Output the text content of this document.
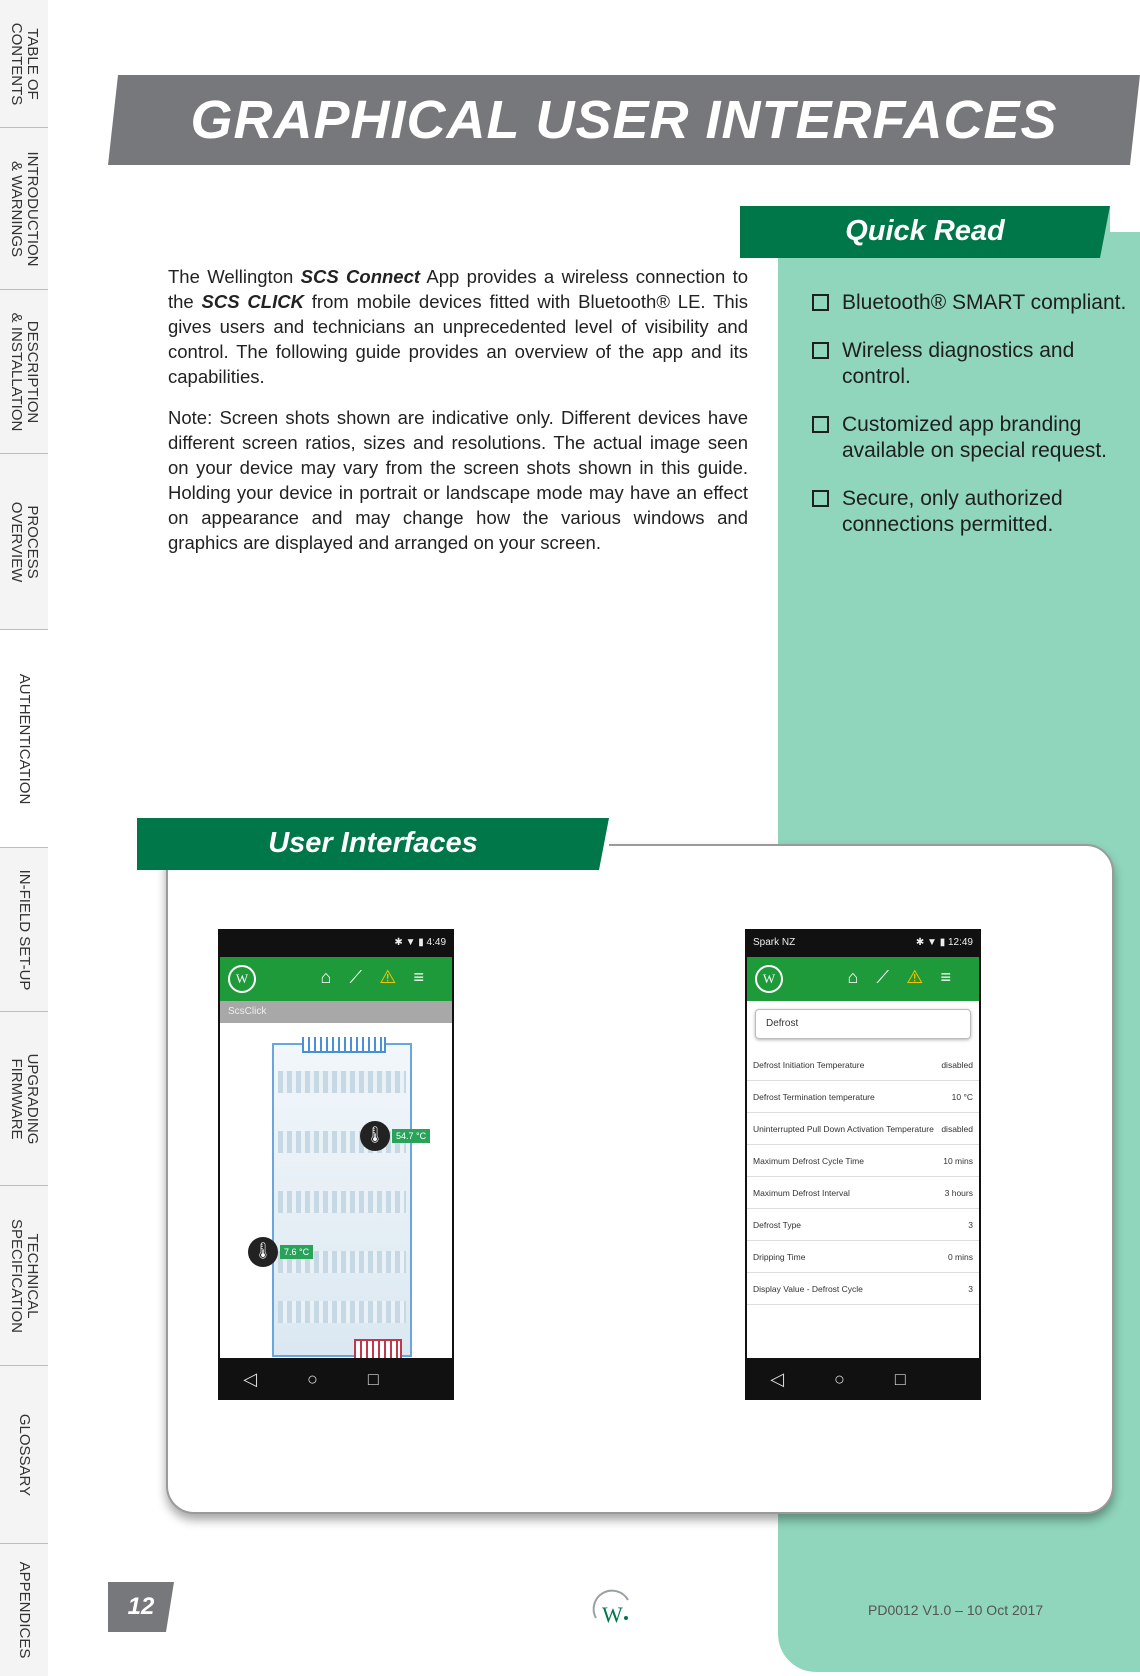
TABLE OF
CONTENTS
INTRODUCTION
& WARNINGS
DESCRIPTION
& INSTALLATION
PROCESS
OVERVIEW
AUTHENTICATION
IN-FIELD SET-UP
UPGRADING
FIRMWARE
TECHNICAL
SPECIFICATION
GLOSSARY
APPENDICES
GRAPHICAL USER INTERFACES
Quick Read
Bluetooth® SMART compliant.
Wireless diagnostics and control.
Customized app branding available on special request.
Secure, only authorized connections permitted.

The Wellington SCS Connect App provides a wireless connection to the SCS CLICK from mobile devices fitted with Bluetooth® LE. This gives users and technicians an unprecedented level of visibility and control. The following guide provides an overview of the app and its capabilities.

Note: Screen shots shown are indicative only. Different devices have different screen ratios, sizes and resolutions. The actual image seen on your device may vary from the screen shots shown in this guide. Holding your device in portrait or landscape mode may have an effect on appearance and may change how the various windows and graphics are displayed and arranged on your screen.

User Interfaces
✱ ▼ ▮ 4:49
W	⌂⟋⚠≡
ScsClick
🌡	54.7 °C
🌡	7.6 °C
◁○□
Spark NZ	✱ ▼ ▮ 12:49
W	⌂⟋⚠≡
Defrost
Defrost Initiation Temperature	disabled
Defrost Termination temperature	10 °C
Uninterrupted Pull Down Activation Temperature disabled
Maximum Defrost Cycle Time	10 mins
Maximum Defrost Interval	3 hours
Defrost Type	3
Dripping Time	0 mins
Display Value - Defrost Cycle	3
◁○□
12	W	PD0012 V1.0 – 10 Oct 2017
